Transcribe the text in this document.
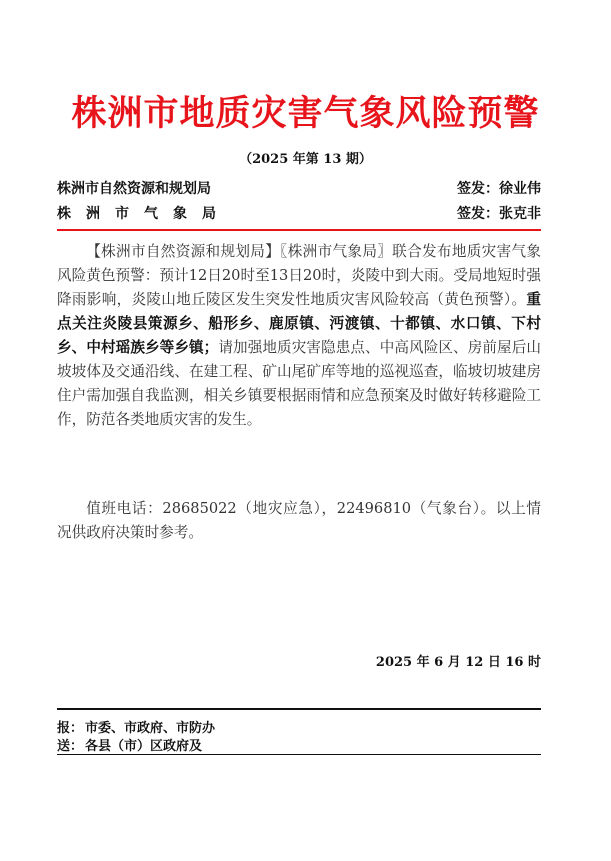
株洲市地质灾害气象风险预警
（2025 年第 13 期）
株洲市自然资源和规划局	签发：徐业伟
株洲市气象局	签发：张克非
【株洲市自然资源和规划局】〖株洲市气象局〗联合发布地质灾害气象风险黄色预警：预计12日20时至13日20时，炎陵中到大雨。受局地短时强降雨影响，炎陵山地丘陵区发生突发性地质灾害风险较高（黄色预警）。重点关注炎陵县策源乡、船形乡、鹿原镇、沔渡镇、十都镇、水口镇、下村乡、中村瑶族乡等乡镇；请加强地质灾害隐患点、中高风险区、房前屋后山坡坡体及交通沿线、在建工程、矿山尾矿库等地的巡视巡查，临坡切坡建房住户需加强自我监测，相关乡镇要根据雨情和应急预案及时做好转移避险工作，防范各类地质灾害的发生。
值班电话：28685022（地灾应急），22496810（气象台）。以上情况供政府决策时参考。
2025 年 6 月 12 日 16 时
报： 市委、市政府、市防办
送： 各县（市）区政府及
